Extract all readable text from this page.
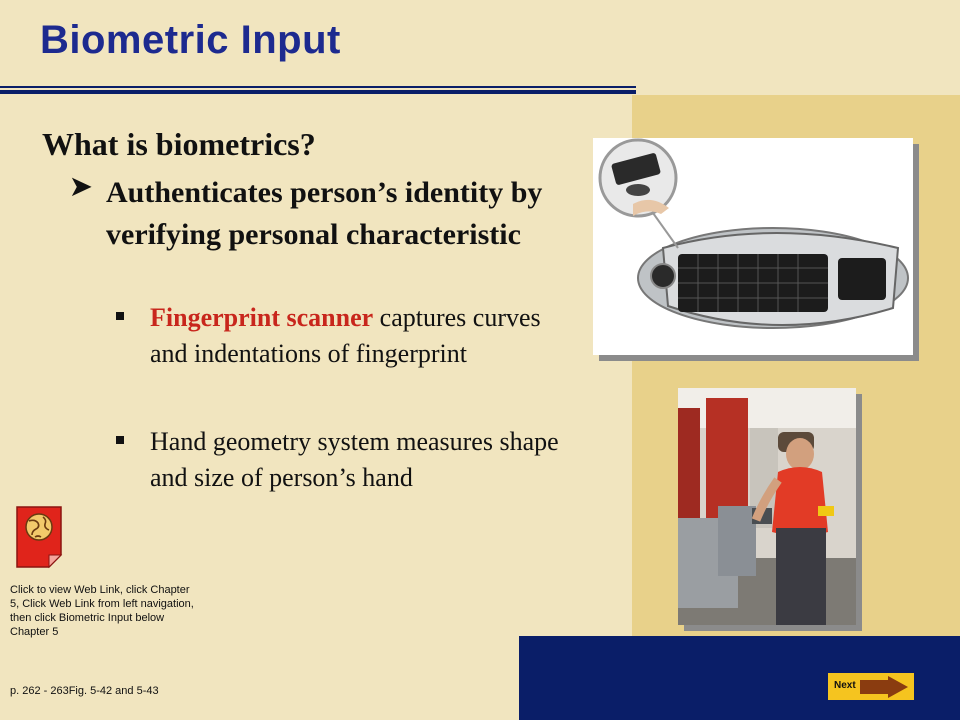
Biometric Input
What is biometrics?
➤ Authenticates person’s identity by verifying personal characteristic
Fingerprint scanner captures curves and indentations of fingerprint
Hand geometry system measures shape and size of person’s hand
Click to view Web Link, click Chapter 5, Click Web Link from left navigation, then click Biometric Input below Chapter 5
p. 262 - 263Fig. 5-42 and 5-43	Next
